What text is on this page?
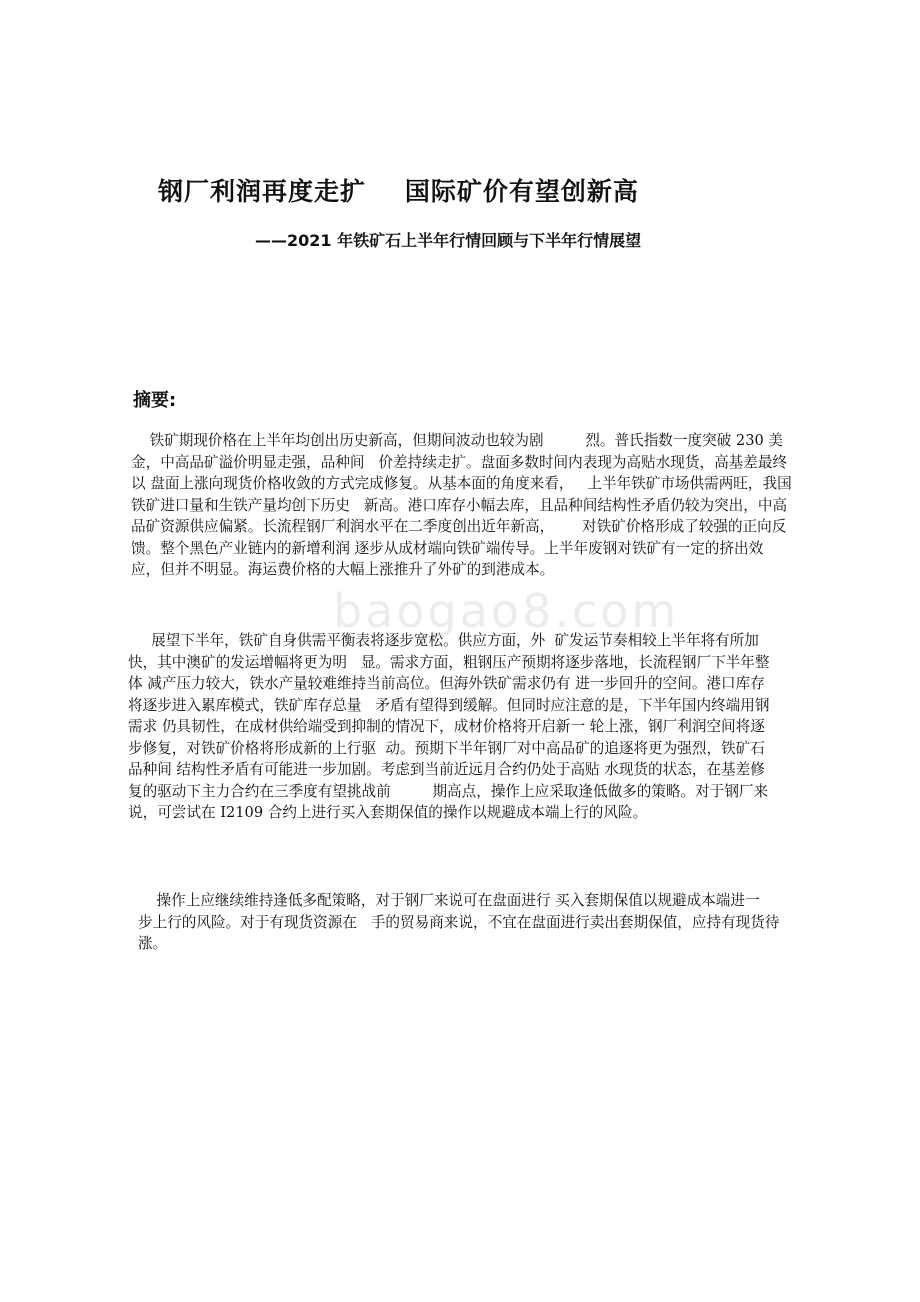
钢厂利润再度走扩    国际矿价有望创新高
——2021 年铁矿石上半年行情回顾与下半年行情展望
摘要:
baogao8.com
铁矿期现价格在上半年均创出历史新高，但期间波动也较为剧         烈。普氏指数一度突破 230 美
金，中高品矿溢价明显走强，品种间   价差持续走扩。盘面多数时间内表现为高贴水现货，高基差最终
以 盘面上涨向现货价格收敛的方式完成修复。从基本面的角度来看，   上半年铁矿市场供需两旺，我国
铁矿进口量和生铁产量均创下历史   新高。港口库存小幅去库，且品种间结构性矛盾仍较为突出，中高
品矿资源供应偏紧。长流程钢厂利润水平在二季度创出近年新高，      对铁矿价格形成了较强的正向反
馈。整个黑色产业链内的新增利润 逐步从成材端向铁矿端传导。上半年废钢对铁矿有一定的挤出效
应，但并不明显。海运费价格的大幅上涨推升了外矿的到港成本。
展望下半年，铁矿自身供需平衡表将逐步宽松。供应方面，外  矿发运节奏相较上半年将有所加
快，其中澳矿的发运增幅将更为明   显。需求方面，粗钢压产预期将逐步落地，长流程钢厂下半年整
体 减产压力较大，铁水产量较难维持当前高位。但海外铁矿需求仍有 进一步回升的空间。港口库存
将逐步进入累库模式，铁矿库存总量   矛盾有望得到缓解。但同时应注意的是，下半年国内终端用钢
需求 仍具韧性，在成材供给端受到抑制的情况下，成材价格将开启新一 轮上涨，钢厂利润空间将逐
步修复，对铁矿价格将形成新的上行驱  动。预期下半年钢厂对中高品矿的追逐将更为强烈，铁矿石
品种间 结构性矛盾有可能进一步加剧。考虑到当前近远月合约仍处于高贴 水现货的状态，在基差修
复的驱动下主力合约在三季度有望挑战前         期高点，操作上应采取逢低做多的策略。对于钢厂来
说，可尝试在 I2109 合约上进行买入套期保值的操作以规避成本端上行的风险。
操作上应继续维持逢低多配策略，对于钢厂来说可在盘面进行 买入套期保值以规避成本端进一
步上行的风险。对于有现货资源在   手的贸易商来说，不宜在盘面进行卖出套期保值，应持有现货待
涨。
